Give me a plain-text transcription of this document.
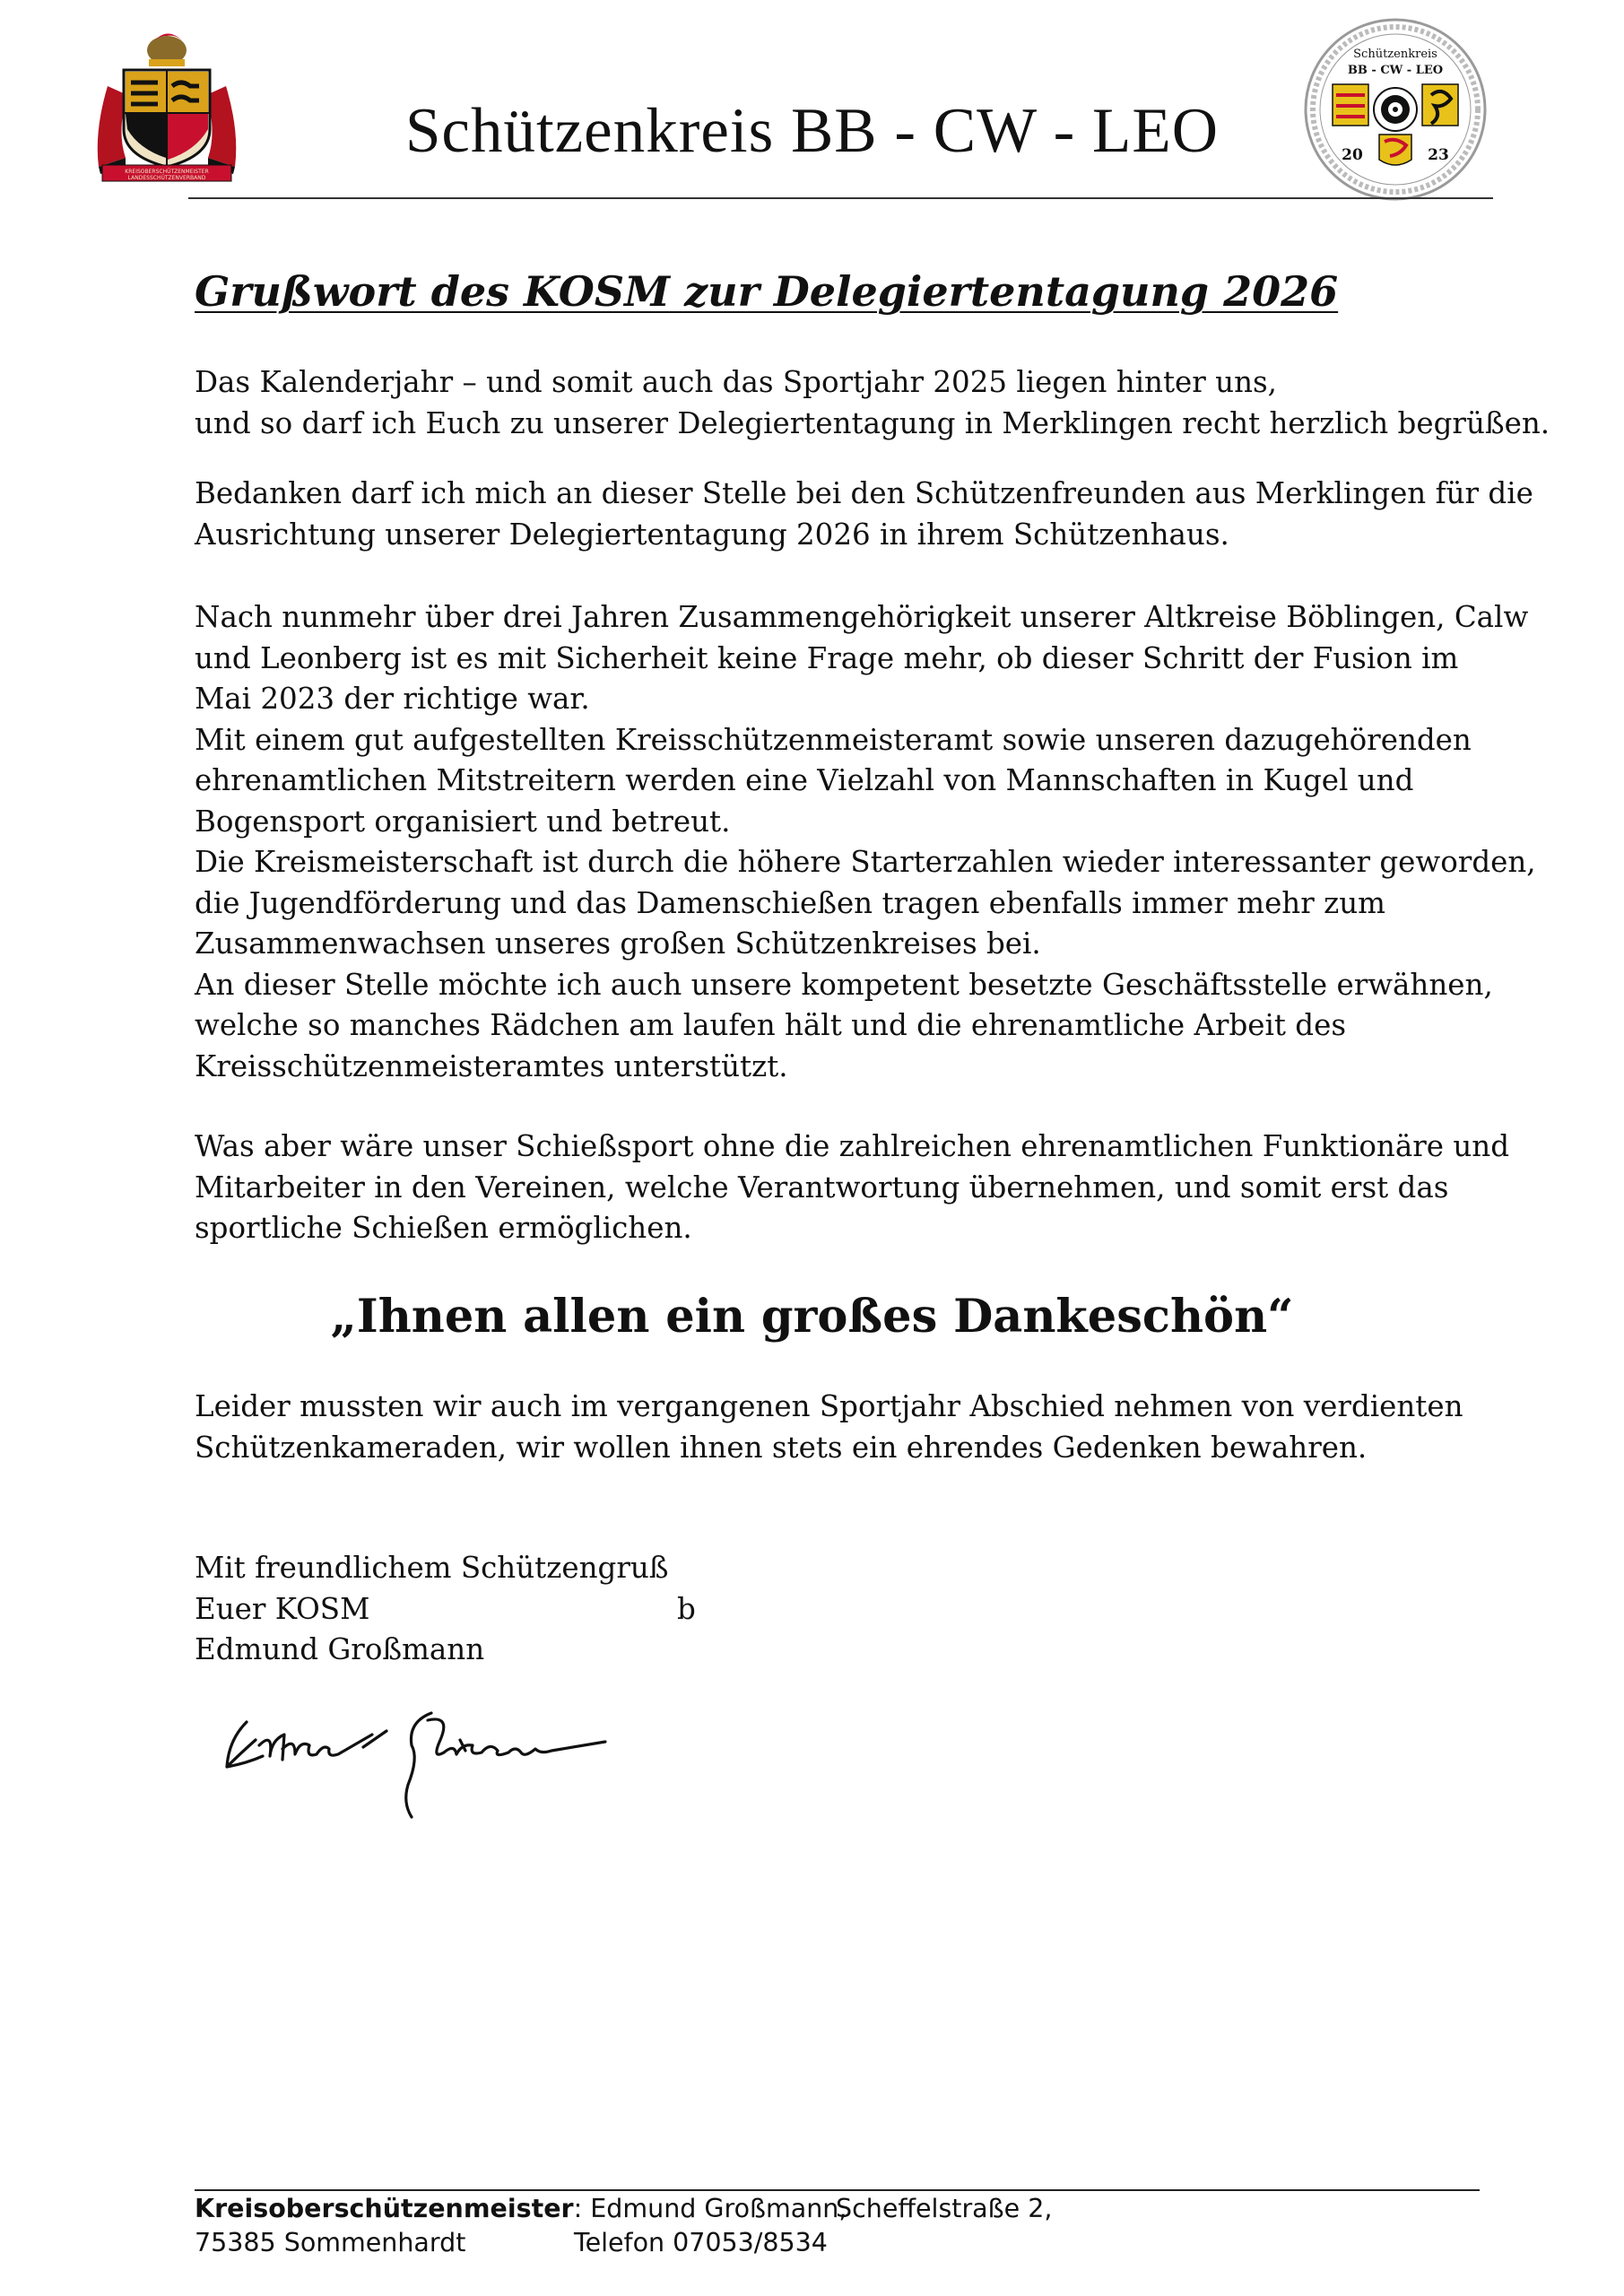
KREISOBERSCHÜTZENMEISTER
LANDESSCHÜTZENVERBAND
Schützenkreis BB - CW - LEO
Schützenkreis
BB - CW - LEO
20	23
Grußwort des KOSM zur Delegiertentagung 2026

Das Kalenderjahr – und somit auch das Sportjahr 2025 liegen hinter uns,

und so darf ich Euch zu unserer Delegiertentagung in Merklingen recht herzlich begrüßen.

Bedanken darf ich mich an dieser Stelle bei den Schützenfreunden aus Merklingen für die

Ausrichtung unserer Delegiertentagung 2026 in ihrem Schützenhaus.

Nach nunmehr über drei Jahren Zusammengehörigkeit unserer Altkreise Böblingen, Calw

und Leonberg ist es mit Sicherheit keine Frage mehr, ob dieser Schritt der Fusion im

Mai 2023 der richtige war.

Mit einem gut aufgestellten Kreisschützenmeisteramt sowie unseren dazugehörenden

ehrenamtlichen Mitstreitern werden eine Vielzahl von Mannschaften in Kugel und

Bogensport organisiert und betreut.

Die Kreismeisterschaft ist durch die höhere Starterzahlen wieder interessanter geworden,

die Jugendförderung und das Damenschießen tragen ebenfalls immer mehr zum

Zusammenwachsen unseres großen Schützenkreises bei.

An dieser Stelle möchte ich auch unsere kompetent besetzte Geschäftsstelle erwähnen,

welche so manches Rädchen am laufen hält und die ehrenamtliche Arbeit des

Kreisschützenmeisteramtes unterstützt.

Was aber wäre unser Schießsport ohne die zahlreichen ehrenamtlichen Funktionäre und

Mitarbeiter in den Vereinen, welche Verantwortung übernehmen, und somit erst das

sportliche Schießen ermöglichen.

„Ihnen allen ein großes Dankeschön“

Leider mussten wir auch im vergangenen Sportjahr Abschied nehmen von verdienten

Schützenkameraden, wir wollen ihnen stets ein ehrendes Gedenken bewahren.

Mit freundlichem Schützengruß

Euer KOSM	b

Edmund Großmann

Kreisoberschützenmeister: Edmund Großmann,
Scheffelstraße 2,
75385 Sommenhardt	Telefon 07053/8534
